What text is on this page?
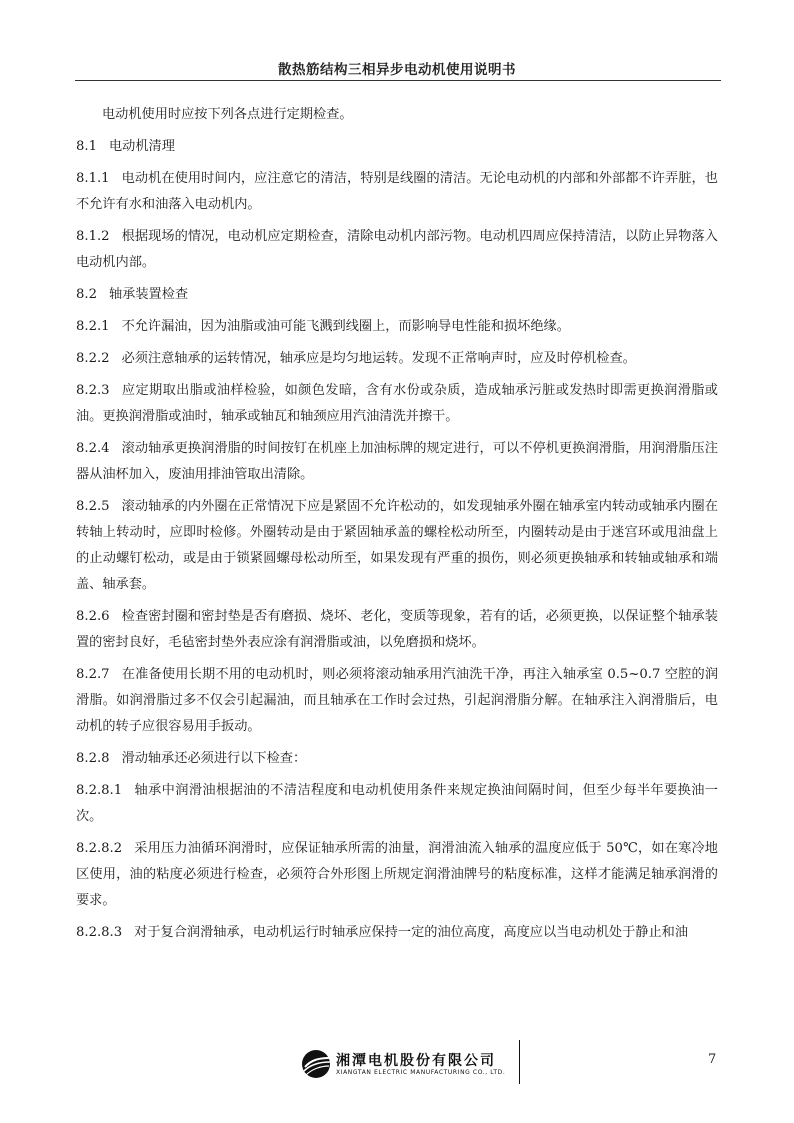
散热筋结构三相异步电动机使用说明书

电动机使用时应按下列各点进行定期检查。

8.1 电动机清理

8.1.1 电动机在使用时间内，应注意它的清洁，特别是线圈的清洁。无论电动机的内部和外部都不许弄脏，也不允许有水和油落入电动机内。

8.1.2 根据现场的情况，电动机应定期检查，清除电动机内部污物。电动机四周应保持清洁，以防止异物落入电动机内部。

8.2 轴承装置检查

8.2.1 不允许漏油，因为油脂或油可能飞溅到线圈上，而影响导电性能和损坏绝缘。

8.2.2 必须注意轴承的运转情况，轴承应是均匀地运转。发现不正常响声时，应及时停机检查。

8.2.3 应定期取出脂或油样检验，如颜色发暗，含有水份或杂质，造成轴承污脏或发热时即需更换润滑脂或油。更换润滑脂或油时，轴承或轴瓦和轴颈应用汽油清洗并擦干。

8.2.4 滚动轴承更换润滑脂的时间按钉在机座上加油标牌的规定进行，可以不停机更换润滑脂，用润滑脂压注器从油杯加入，废油用排油管取出清除。

8.2.5 滚动轴承的内外圈在正常情况下应是紧固不允许松动的，如发现轴承外圈在轴承室内转动或轴承内圈在转轴上转动时，应即时检修。外圈转动是由于紧固轴承盖的螺栓松动所至，内圈转动是由于迷宫环或甩油盘上的止动螺钉松动，或是由于锁紧圆螺母松动所至，如果发现有严重的损伤，则必须更换轴承和转轴或轴承和端盖、轴承套。

8.2.6 检查密封圈和密封垫是否有磨损、烧坏、老化，变质等现象，若有的话，必须更换，以保证整个轴承装置的密封良好，毛毡密封垫外表应涂有润滑脂或油，以免磨损和烧坏。

8.2.7 在准备使用长期不用的电动机时，则必须将滚动轴承用汽油洗干净，再注入轴承室 0.5~0.7 空腔的润滑脂。如润滑脂过多不仅会引起漏油，而且轴承在工作时会过热，引起润滑脂分解。在轴承注入润滑脂后，电动机的转子应很容易用手扳动。

8.2.8 滑动轴承还必须进行以下检查：

8.2.8.1 轴承中润滑油根据油的不清洁程度和电动机使用条件来规定换油间隔时间，但至少每半年要换油一次。

8.2.8.2 采用压力油循环润滑时，应保证轴承所需的油量，润滑油流入轴承的温度应低于 50℃，如在寒冷地区使用，油的粘度必须进行检查，必须符合外形图上所规定润滑油牌号的粘度标准，这样才能满足轴承润滑的要求。

8.2.8.3 对于复合润滑轴承，电动机运行时轴承应保持一定的油位高度，高度应以当电动机处于静止和油

湘潭电机股份有限公司
XIANGTAN ELECTRIC MANUFACTURING CO., LTD.
7
